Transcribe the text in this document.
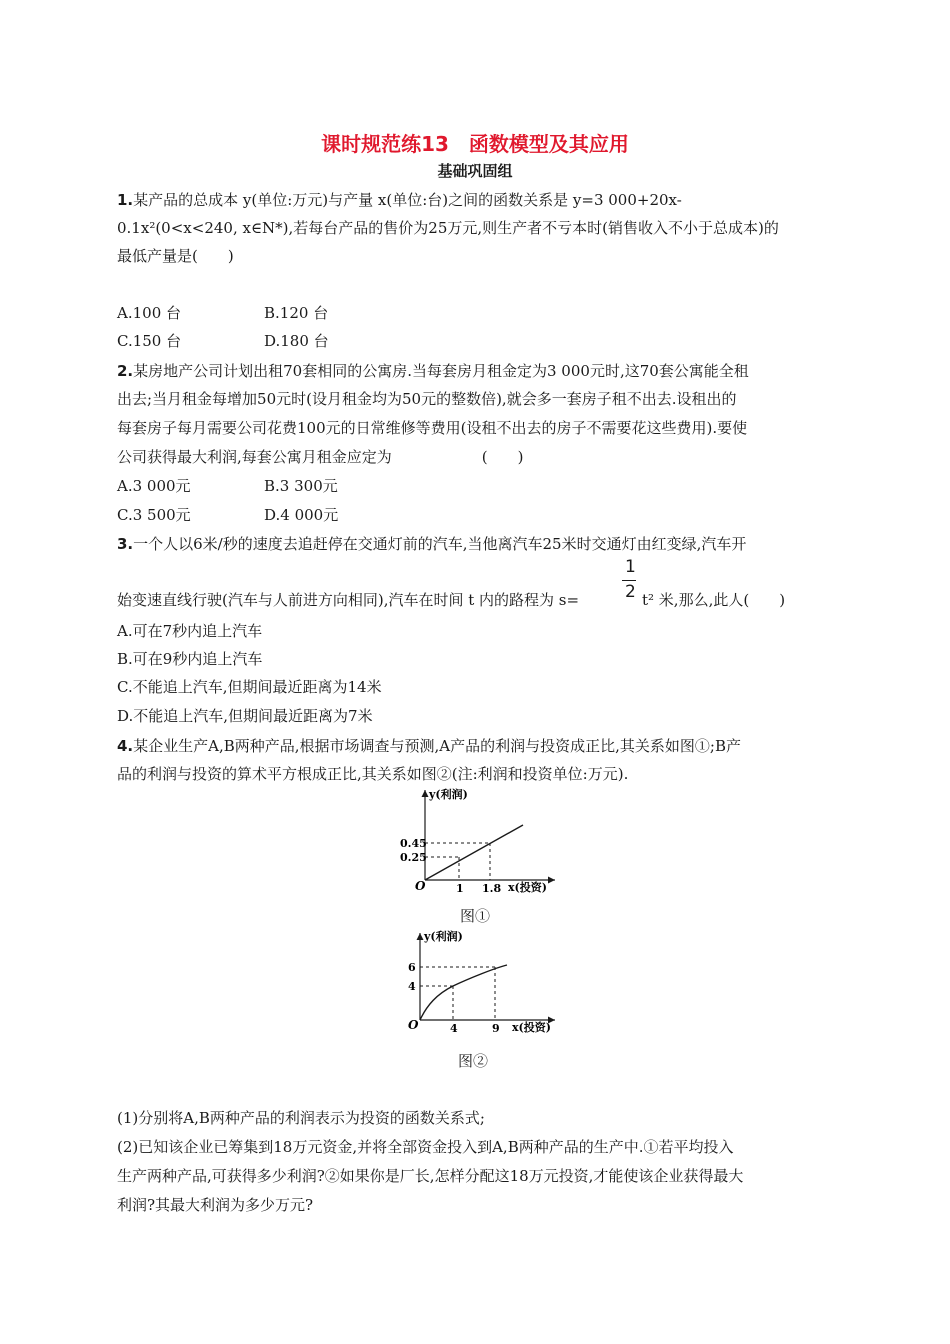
课时规范练13　函数模型及其应用
基础巩固组
1.某产品的总成本 y(单位:万元)与产量 x(单位:台)之间的函数关系是 y=3 000+20x-
0.1x²(0<x<240, x∈N*),若每台产品的售价为25万元,则生产者不亏本时(销售收入不小于总成本)的
最低产量是(　　)
A.100 台	B.120 台
C.150 台	D.180 台
2.某房地产公司计划出租70套相同的公寓房.当每套房月租金定为3 000元时,这70套公寓能全租
出去;当月租金每增加50元时(设月租金均为50元的整数倍),就会多一套房子租不出去.设租出的
每套房子每月需要公司花费100元的日常维修等费用(设租不出去的房子不需要花这些费用).要使
公司获得最大利润,每套公寓月租金应定为　　　　　　(　　)
A.3 000元	B.3 300元
C.3 500元	D.4 000元
3.一个人以6米/秒的速度去追赶停在交通灯前的汽车,当他离汽车25米时交通灯由红变绿,汽车开
1
2
始变速直线行驶(汽车与人前进方向相同),汽车在时间 t 内的路程为 s=	t² 米,那么,此人(　　)
A.可在7秒内追上汽车
B.可在9秒内追上汽车
C.不能追上汽车,但期间最近距离为14米
D.不能追上汽车,但期间最近距离为7米
4.某企业生产A,B两种产品,根据市场调查与预测,A产品的利润与投资成正比,其关系如图①;B产
品的利润与投资的算术平方根成正比,其关系如图②(注:利润和投资单位:万元).
y(利润)
x(投资)
O	1 1.8
0.45
0.25
图①
y(利润)
x(投资)
O	4	9
6
4
图②
(1)分别将A,B两种产品的利润表示为投资的函数关系式;
(2)已知该企业已筹集到18万元资金,并将全部资金投入到A,B两种产品的生产中.①若平均投入
生产两种产品,可获得多少利润?②如果你是厂长,怎样分配这18万元投资,才能使该企业获得最大
利润?其最大利润为多少万元?
